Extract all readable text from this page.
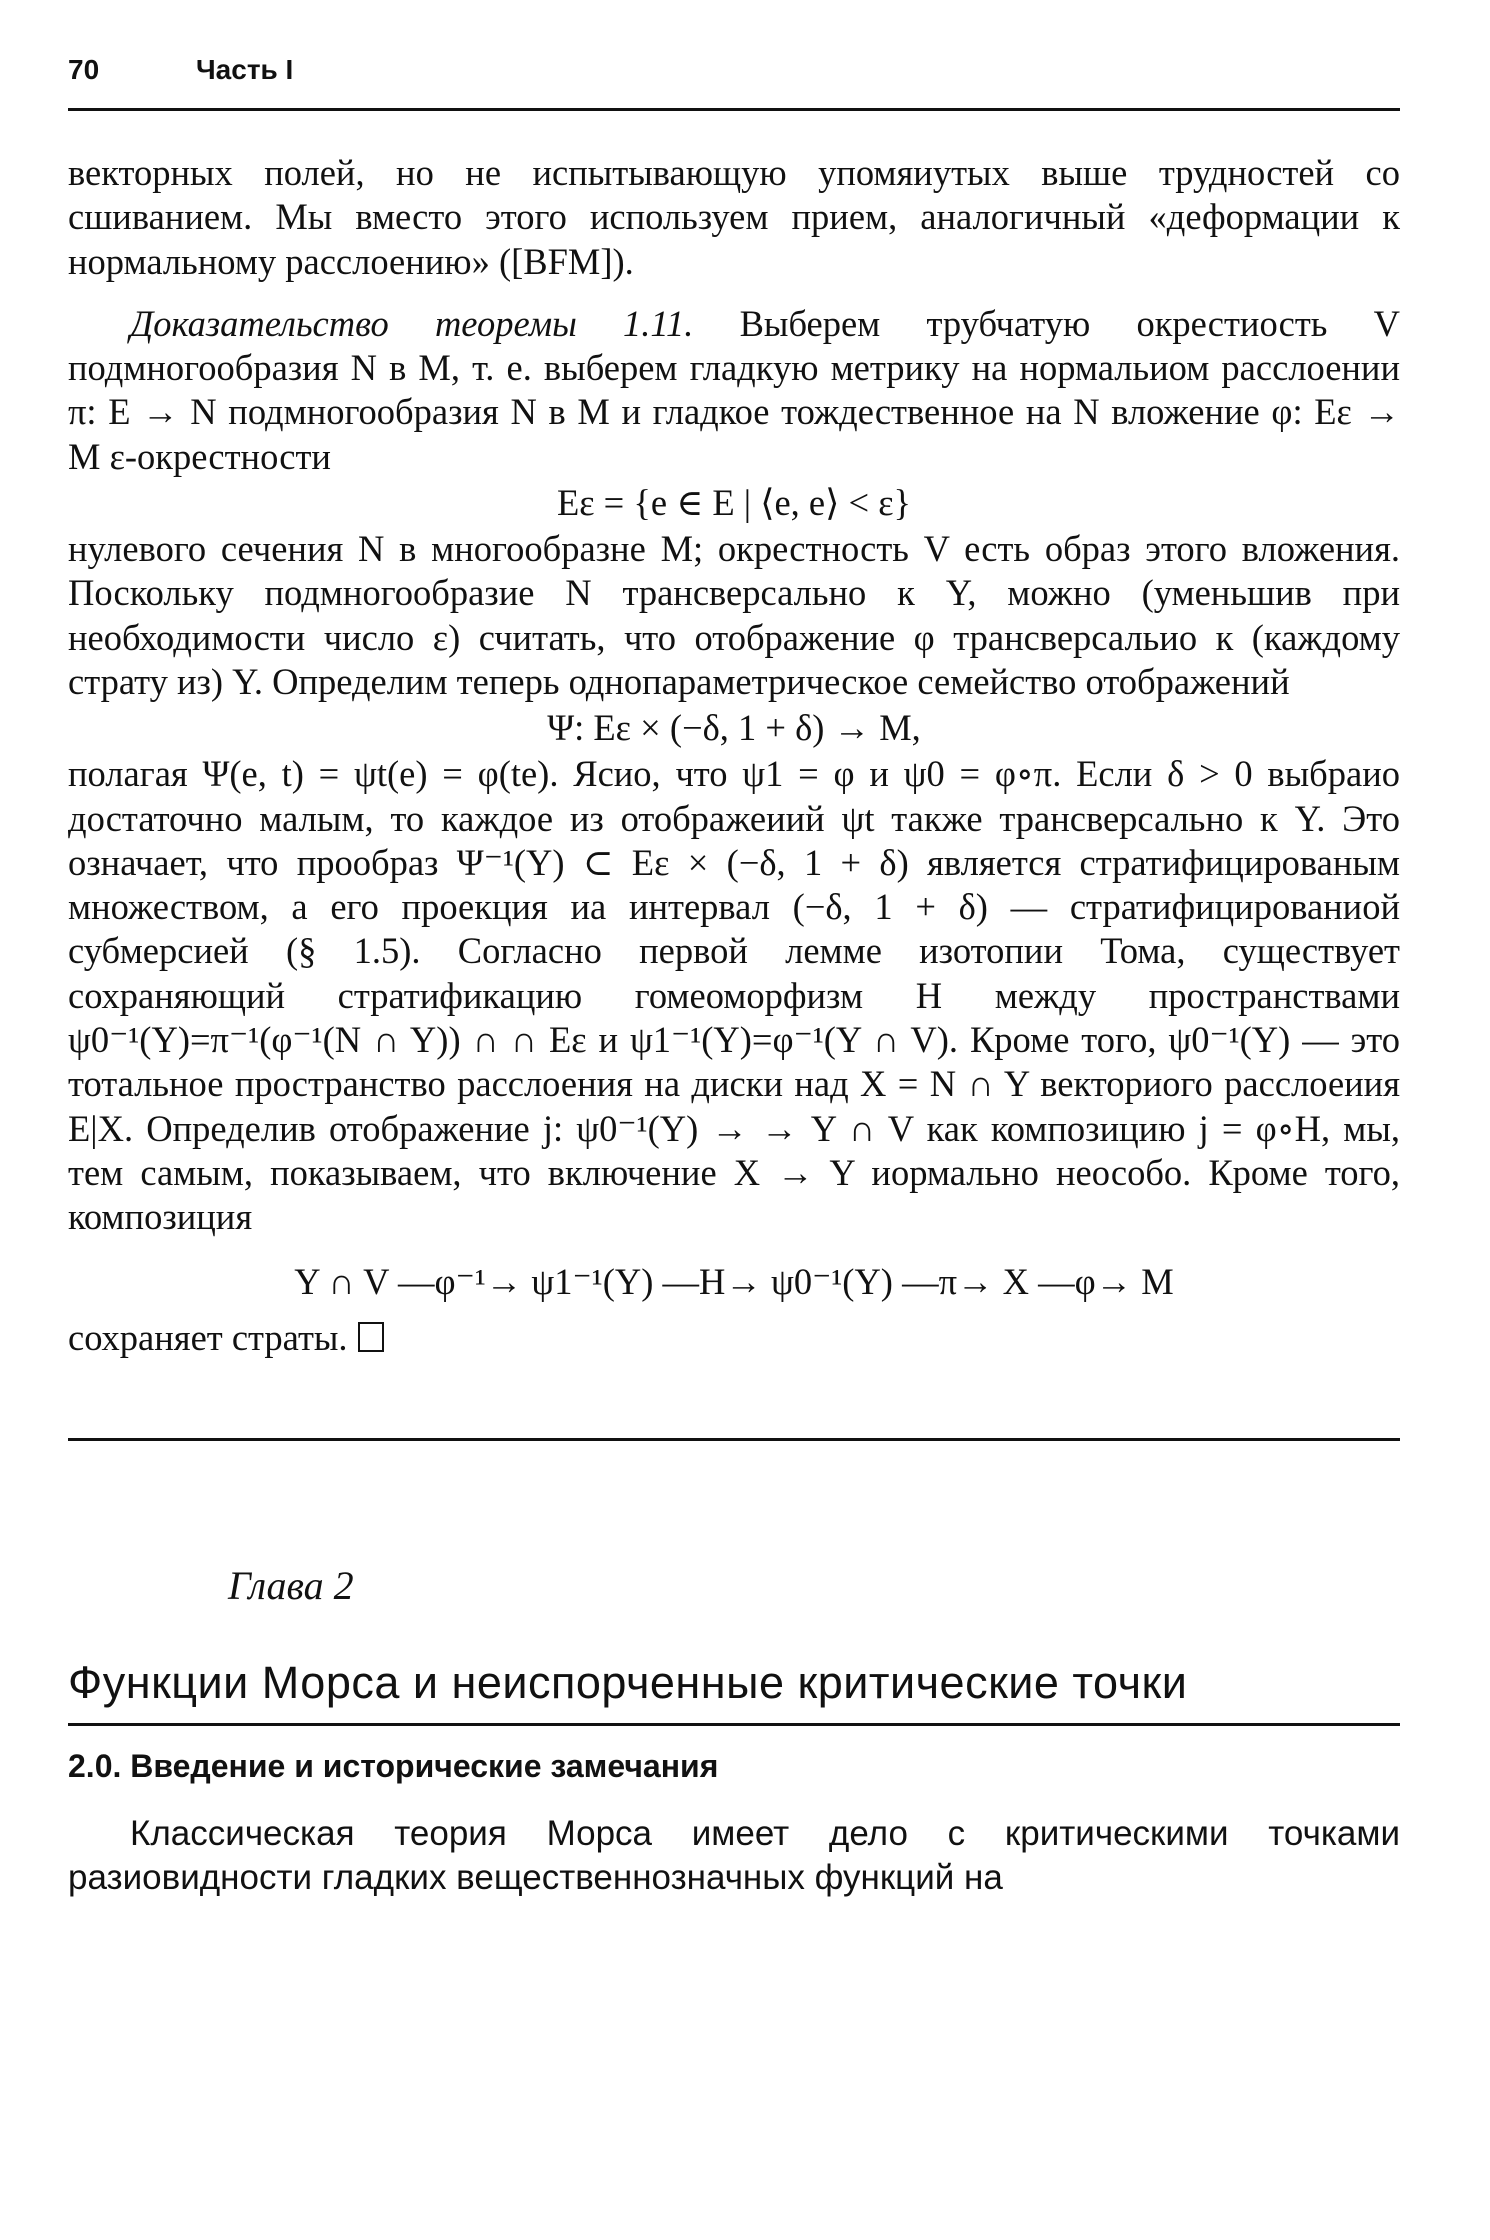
70	Часть I

векторных полей, но не испытывающую упомяиутых выше трудностей со сшиванием. Мы вместо этого используем прием, аналогичный «деформации к нормальному расслоению» ([BFM]).

Доказательство теоремы 1.11. Выберем трубчатую окрестиость V подмногообразия N в M, т. е. выберем гладкую метрику на нормальиом расслоении π: E → N подмногообразия N в M и гладкое тождественное на N вложение φ: Eε → M ε-окрестности

Eε = {e ∈ E | ⟨e, e⟩ < ε}

нулевого сечения N в многообразне M; окрестность V есть образ этого вложения. Поскольку подмногообразие N трансверсально к Y, можно (уменьшив при необходимости число ε) считать, что отображение φ трансверсальио к (каждому страту из) Y. Определим теперь однопараметрическое семейство отображений

Ψ: Eε × (−δ, 1 + δ) → M,

полагая Ψ(e, t) = ψt(e) = φ(te). Ясио, что ψ1 = φ и ψ0 = φ∘π. Если δ > 0 выбраио достаточно малым, то каждое из отображеиий ψt также трансверсально к Y. Это означает, что прообраз Ψ⁻¹(Y) ⊂ Eε × (−δ, 1 + δ) является стратифицированым множеством, а его проекция иа интервал (−δ, 1 + δ) — стратифицированиой субмерсией (§ 1.5). Согласно первой лемме изотопии Тома, существует сохраняющий стратификацию гомеоморфизм H между пространствами ψ0⁻¹(Y)=π⁻¹(φ⁻¹(N ∩ Y)) ∩ ∩ Eε и ψ1⁻¹(Y)=φ⁻¹(Y ∩ V). Кроме того, ψ0⁻¹(Y) — это тотальное пространство расслоения на диски над X = N ∩ Y векториого расслоеиия E|X. Определив отображение j: ψ0⁻¹(Y) → → Y ∩ V как композицию j = φ∘H, мы, тем самым, показываем, что включение X → Y иормально неособо. Кроме того, композиция

Y ∩ V —φ⁻¹→ ψ1⁻¹(Y) —H→ ψ0⁻¹(Y) —π→ X —φ→ M

сохраняет страты.

Глава 2
Функции Морса и неиспорченные критические точки
2.0. Введение и исторические замечания

Классическая теория Морса имеет дело с критическими точками разиовидности гладких вещественнозначных функций на
